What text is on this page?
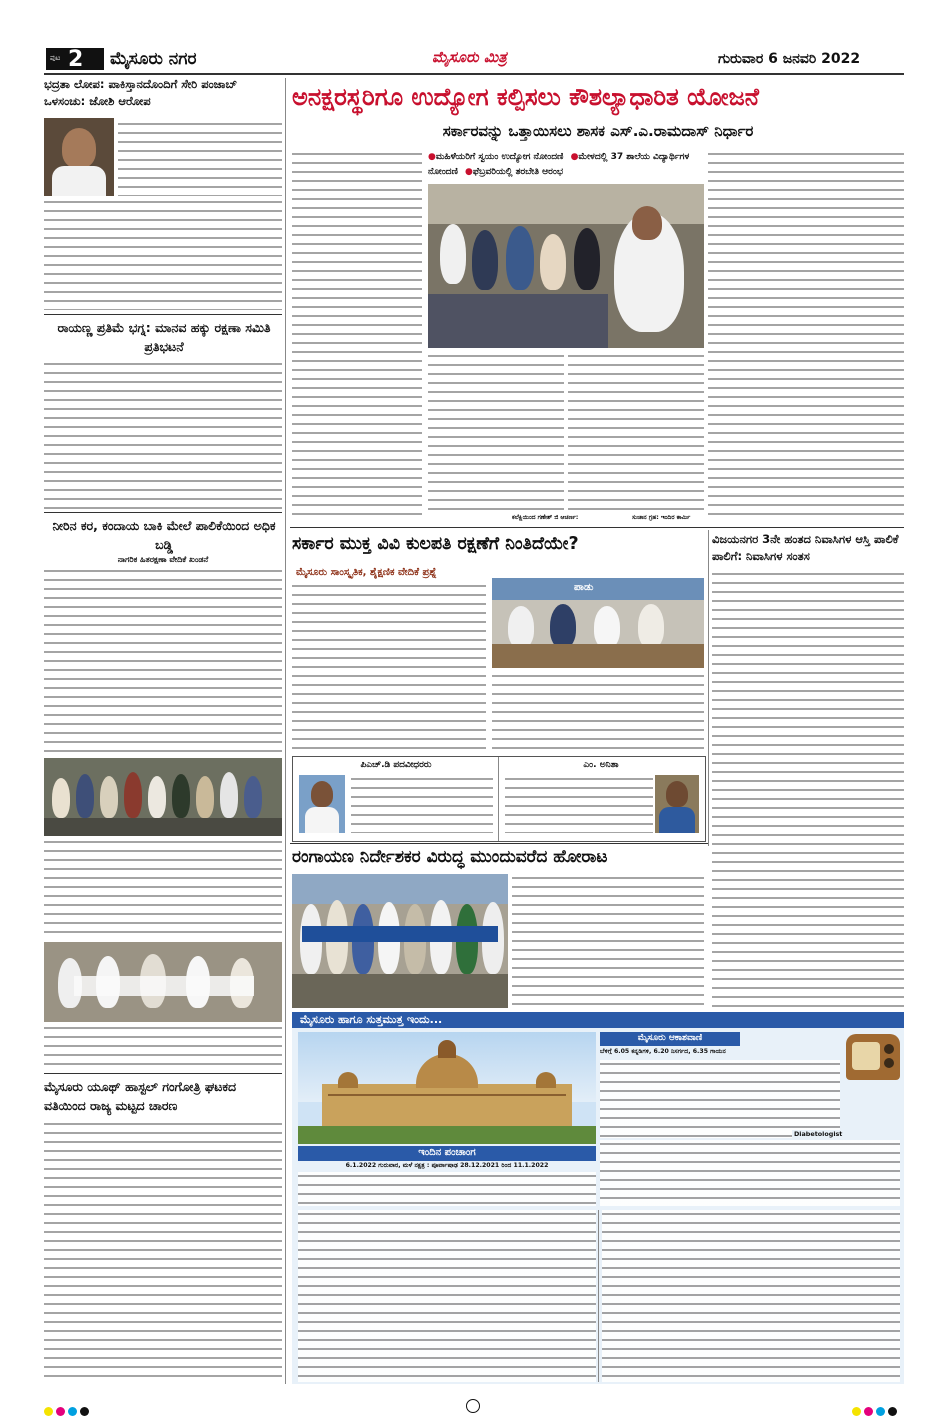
ಪುಟ 2 ಮೈಸೂರು ನಗರ	ಮೈಸೂರು ಮಿತ್ರ	ಗುರುವಾರ 6 ಜನವರಿ 2022
ಭದ್ರತಾ ಲೋಪ: ಪಾಕಿಸ್ತಾನದೊಂದಿಗೆ ಸೇರಿ ಪಂಜಾಬ್ ಒಳಸಂಚು: ಜೋಶಿ ಆರೋಪ
ರಾಯಣ್ಣ ಪ್ರತಿಮೆ ಭಗ್ನ: ಮಾನವ ಹಕ್ಕು ರಕ್ಷಣಾ ಸಮಿತಿ ಪ್ರತಿಭಟನೆ
ನೀರಿನ ಕರ, ಕಂದಾಯ ಬಾಕಿ ಮೇಲೆ ಪಾಲಿಕೆಯಿಂದ ಅಧಿಕ ಬಡ್ಡಿ
ನಾಗರಿಕ ಹಿತರಕ್ಷಣಾ ವೇದಿಕೆ ಖಂಡನೆ
ಮೈಸೂರು ಯೂಥ್ ಹಾಸ್ಟಲ್ ಗಂಗೋತ್ರಿ ಘಟಕದ ವತಿಯಿಂದ ರಾಜ್ಯ ಮಟ್ಟದ ಚಾರಣ
ಅನಕ್ಷರಸ್ಥರಿಗೂ ಉದ್ಯೋಗ ಕಲ್ಪಿಸಲು ಕೌಶಲ್ಯಾಧಾರಿತ ಯೋಜನೆ
ಸರ್ಕಾರವನ್ನು ಒತ್ತಾಯಿಸಲು ಶಾಸಕ ಎಸ್.ಎ.ರಾಮದಾಸ್ ನಿರ್ಧಾರ
●ಮಹಿಳೆಯರಿಗೆ ಸ್ವಯಂ ಉದ್ಯೋಗ ನೋಂದಣಿ ●ಮೇಳದಲ್ಲಿ 37 ಶಾಲೆಯ ವಿದ್ಯಾರ್ಥಿಗಳ ನೋಂದಣಿ ●ಫೆಬ್ರವರಿಯಲ್ಲಿ ತರಬೇತಿ ಆರಂಭ
ಕಲೆಕ್ಷಿಯಿಂದ ಗಣೇಶ್ ಜಿ ಆಚರ್ಣ:	ಸುಚಾನ ಗ್ರಹ: ಇಂದಿರ ಕಾರ್ಮಿ
ಸರ್ಕಾರ ಮುಕ್ತ ವಿವಿ ಕುಲಪತಿ ರಕ್ಷಣೆಗೆ ನಿಂತಿದೆಯೇ?
ಮೈಸೂರು ಸಾಂಸ್ಕೃತಿಕ, ಶೈಕ್ಷಣಿಕ ವೇದಿಕೆ ಪ್ರಶ್ನೆ
ಪಾಡು
ಪಿಎಚ್.ಡಿ ಪದವೀಧರರು	ಎಂ. ಅನಿತಾ
ವಿಜಯನಗರ 3ನೇ ಹಂತದ ನಿವಾಸಿಗಳ ಆಸ್ತಿ ಪಾಲಿಕೆ ಪಾಲಿಗೆ: ನಿವಾಸಿಗಳ ಸಂತಸ
ರಂಗಾಯಣ ನಿರ್ದೇಶಕರ ವಿರುದ್ಧ ಮುಂದುವರೆದ ಹೋರಾಟ
ಮೈಸೂರು ಹಾಗೂ ಸುತ್ತಮುತ್ತ ಇಂದು...
ಇಂದಿನ ಪಂಚಾಂಗ
6.1.2022 ಗುರುವಾರ, ಮಳೆ ನಕ್ಷತ್ರ : ಪೂರ್ವಾಷಾಢ 28.12.2021 ರಿಂದ 11.1.2022
ಮೈಸೂರು ಆಕಾಶವಾಣಿ
ಬೆಳಿಗ್ಗೆ 6.05 ಕನ್ನಡಿಗಳಿ, 6.20 ನಿಸರ್ಗದ, 6.35 ಗಾಯನ
Diabetologist
